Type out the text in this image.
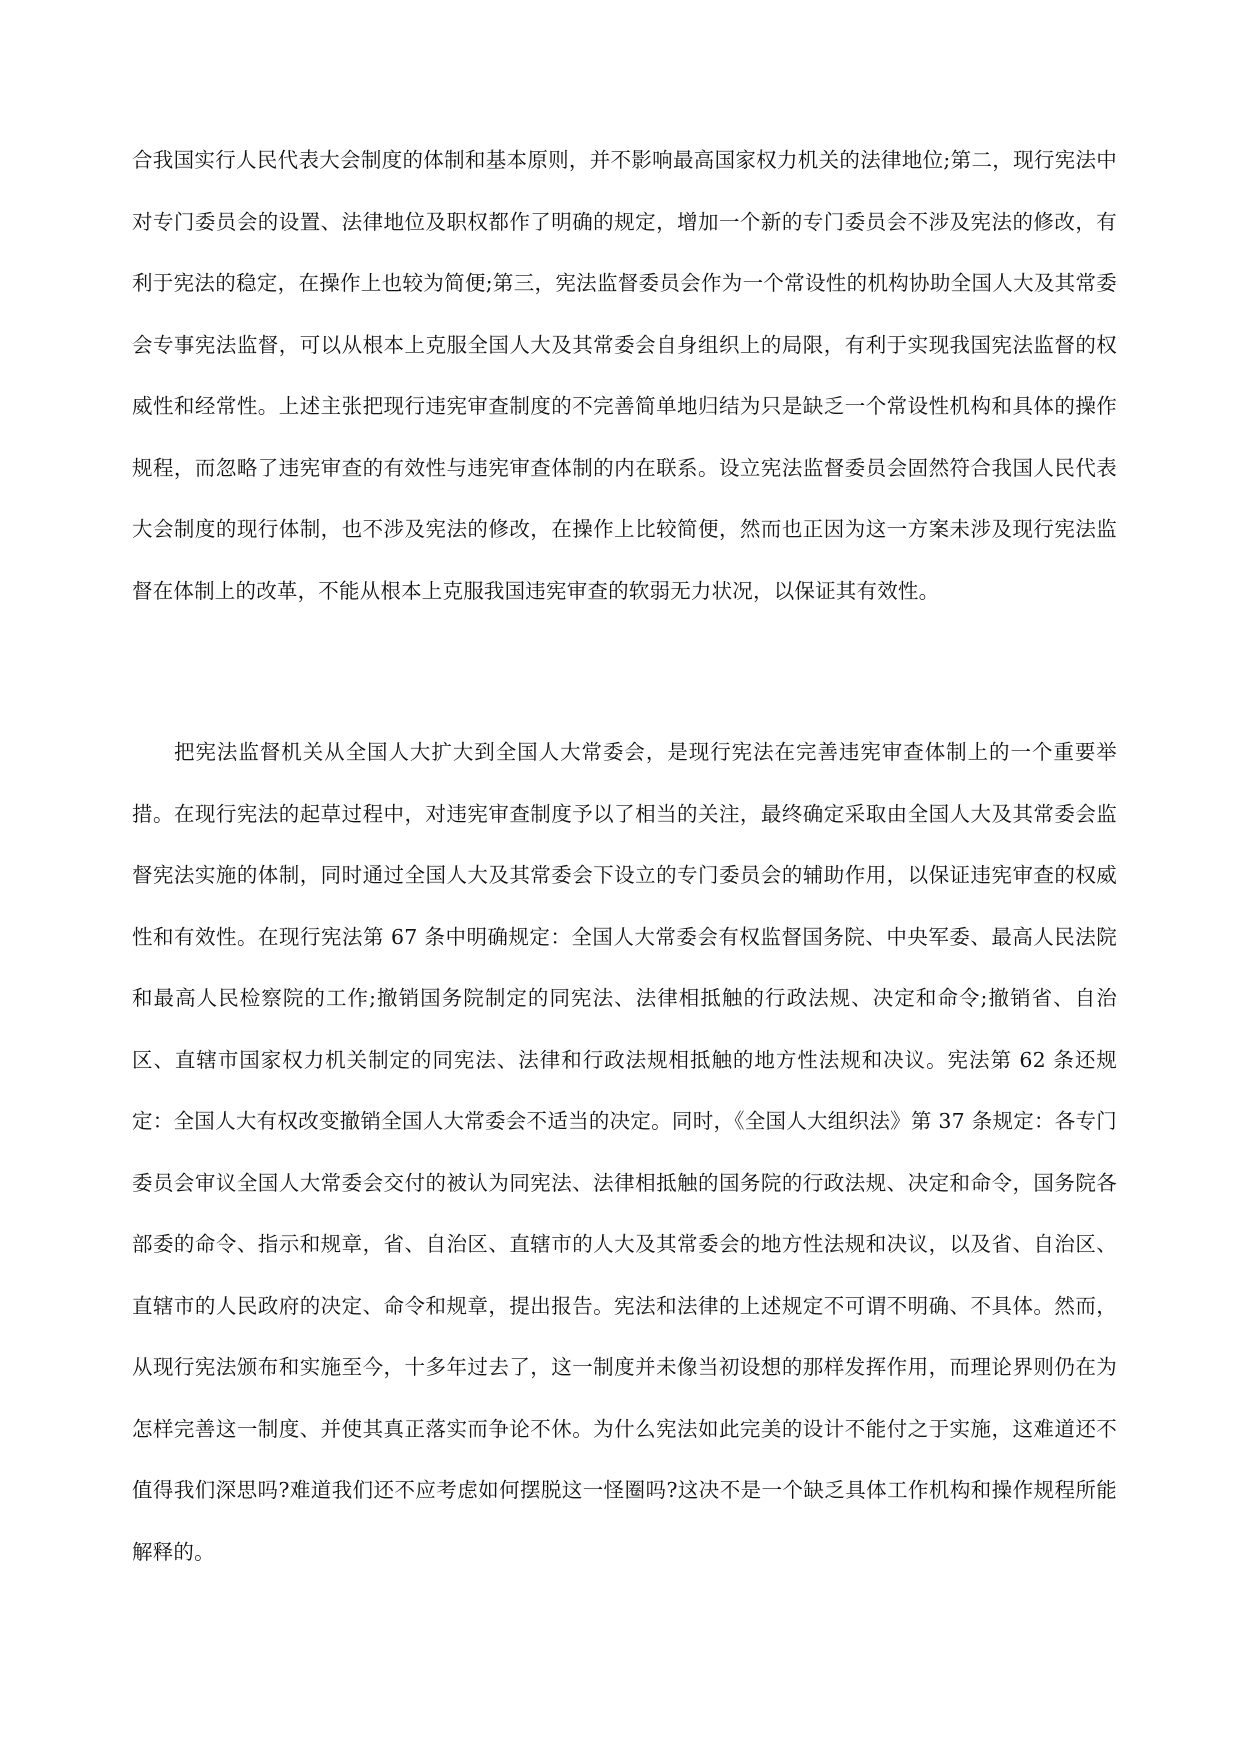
合我国实行人民代表大会制度的体制和基本原则，并不影响最高国家权力机关的法律地位;第二，现行宪法中对专门委员会的设置、法律地位及职权都作了明确的规定，增加一个新的专门委员会不涉及宪法的修改，有利于宪法的稳定，在操作上也较为简便;第三，宪法监督委员会作为一个常设性的机构协助全国人大及其常委会专事宪法监督，可以从根本上克服全国人大及其常委会自身组织上的局限，有利于实现我国宪法监督的权威性和经常性。上述主张把现行违宪审查制度的不完善简单地归结为只是缺乏一个常设性机构和具体的操作规程，而忽略了违宪审查的有效性与违宪审查体制的内在联系。设立宪法监督委员会固然符合我国人民代表大会制度的现行体制，也不涉及宪法的修改，在操作上比较简便，然而也正因为这一方案未涉及现行宪法监督在体制上的改革，不能从根本上克服我国违宪审查的软弱无力状况，以保证其有效性。

把宪法监督机关从全国人大扩大到全国人大常委会，是现行宪法在完善违宪审查体制上的一个重要举措。在现行宪法的起草过程中，对违宪审查制度予以了相当的关注，最终确定采取由全国人大及其常委会监督宪法实施的体制，同时通过全国人大及其常委会下设立的专门委员会的辅助作用，以保证违宪审查的权威性和有效性。在现行宪法第 67 条中明确规定：全国人大常委会有权监督国务院、中央军委、最高人民法院和最高人民检察院的工作;撤销国务院制定的同宪法、法律相抵触的行政法规、决定和命令;撤销省、自治区、直辖市国家权力机关制定的同宪法、法律和行政法规相抵触的地方性法规和决议。宪法第 62 条还规定：全国人大有权改变撤销全国人大常委会不适当的决定。同时，《全国人大组织法》第 37 条规定：各专门委员会审议全国人大常委会交付的被认为同宪法、法律相抵触的国务院的行政法规、决定和命令，国务院各部委的命令、指示和规章，省、自治区、直辖市的人大及其常委会的地方性法规和决议，以及省、自治区、直辖市的人民政府的决定、命令和规章，提出报告。宪法和法律的上述规定不可谓不明确、不具体。然而，从现行宪法颁布和实施至今，十多年过去了，这一制度并未像当初设想的那样发挥作用，而理论界则仍在为怎样完善这一制度、并使其真正落实而争论不休。为什么宪法如此完美的设计不能付之于实施，这难道还不值得我们深思吗?难道我们还不应考虑如何摆脱这一怪圈吗?这决不是一个缺乏具体工作机构和操作规程所能解释的。
